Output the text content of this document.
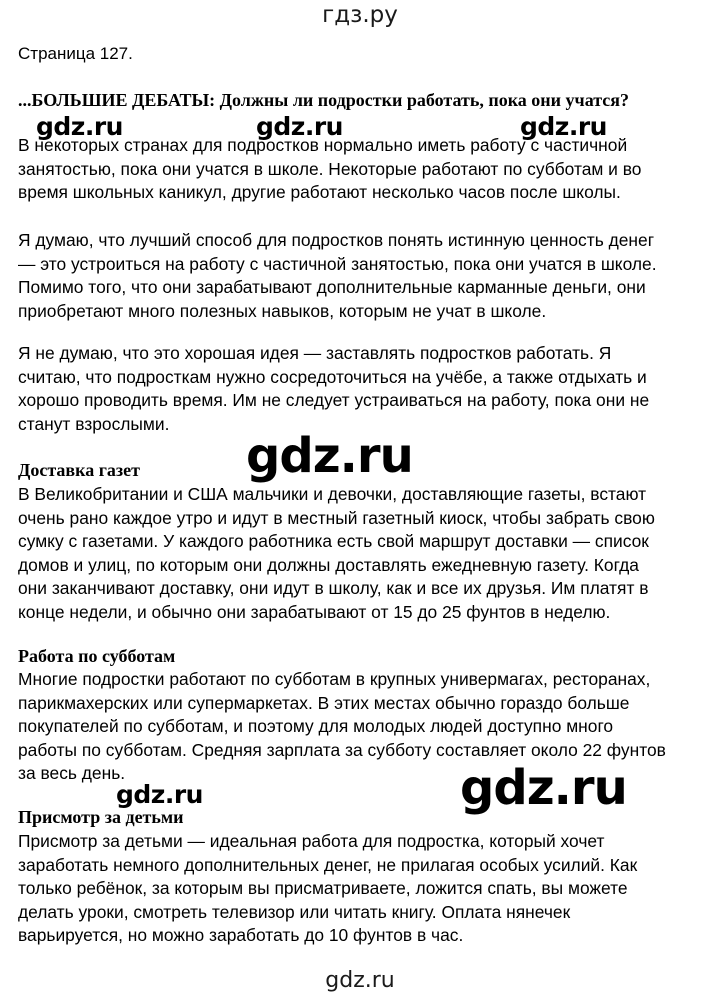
гдз.ру
Страница 127.
...БОЛЬШИЕ ДЕБАТЫ: Должны ли подростки работать, пока они учатся?
В некоторых странах для подростков нормально иметь работу с частичной
занятостью, пока они учатся в школе. Некоторые работают по субботам и во
время школьных каникул, другие работают несколько часов после школы.
Я думаю, что лучший способ для подростков понять истинную ценность денег
— это устроиться на работу с частичной занятостью, пока они учатся в школе.
Помимо того, что они зарабатывают дополнительные карманные деньги, они
приобретают много полезных навыков, которым не учат в школе.
Я не думаю, что это хорошая идея — заставлять подростков работать. Я
считаю, что подросткам нужно сосредоточиться на учёбе, а также отдыхать и
хорошо проводить время. Им не следует устраиваться на работу, пока они не
станут взрослыми.
Доставка газет
В Великобритании и США мальчики и девочки, доставляющие газеты, встают
очень рано каждое утро и идут в местный газетный киоск, чтобы забрать свою
сумку с газетами. У каждого работника есть свой маршрут доставки — список
домов и улиц, по которым они должны доставлять ежедневную газету. Когда
они заканчивают доставку, они идут в школу, как и все их друзья. Им платят в
конце недели, и обычно они зарабатывают от 15 до 25 фунтов в неделю.
Работа по субботам
Многие подростки работают по субботам в крупных универмагах, ресторанах,
парикмахерских или супермаркетах. В этих местах обычно гораздо больше
покупателей по субботам, и поэтому для молодых людей доступно много
работы по субботам. Средняя зарплата за субботу составляет около 22 фунтов
за весь день.
Присмотр за детьми
Присмотр за детьми — идеальная работа для подростка, который хочет
заработать немного дополнительных денег, не прилагая особых усилий. Как
только ребёнок, за которым вы присматриваете, ложится спать, вы можете
делать уроки, смотреть телевизор или читать книгу. Оплата нянечек
варьируется, но можно заработать до 10 фунтов в час.
gdz.ru	gdz.ru	gdz.ru
gdz.ru
gdz.ru
gdz.ru
gdz.ru
